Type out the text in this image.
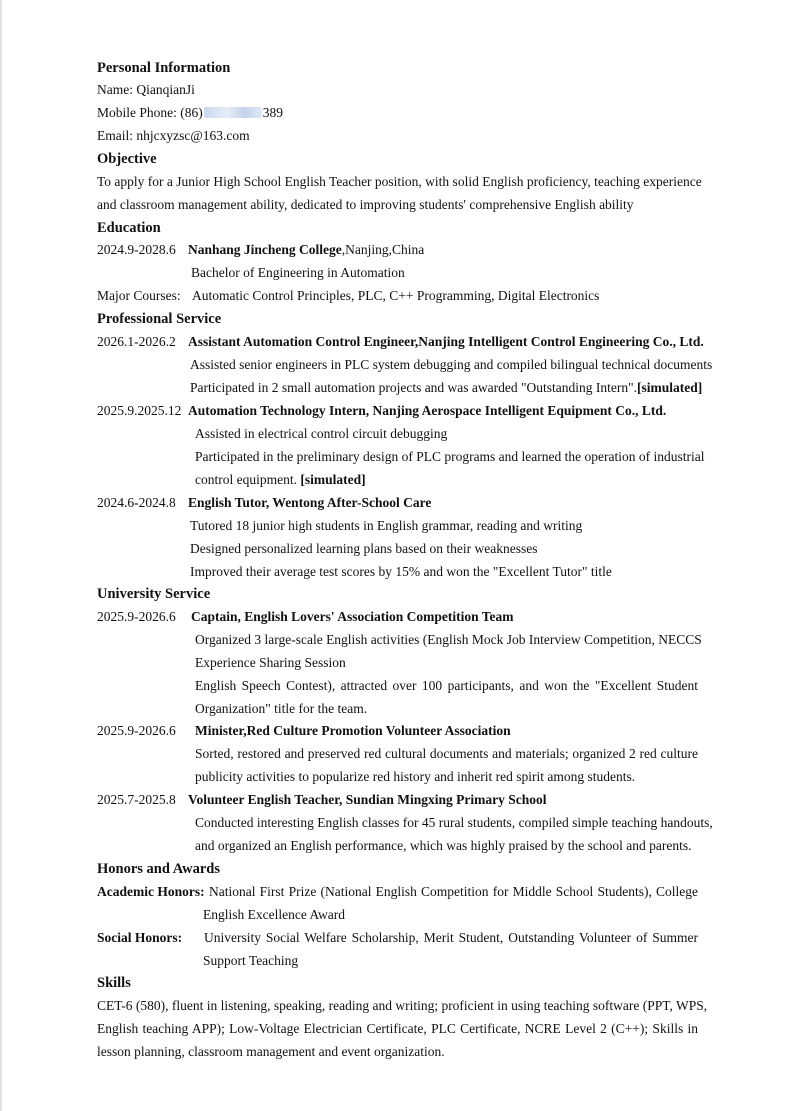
Personal Information
Name: QianqianJi
Mobile Phone: (86)	389
Email: nhjcxyzsc@163.com
Objective
To apply for a Junior High School English Teacher position, with solid English proficiency, teaching experience
and classroom management ability, dedicated to improving students' comprehensive English ability
Education
2024.9-2028.6 Nanhang Jincheng College,Nanjing,China
Bachelor of Engineering in Automation
Major Courses: Automatic Control Principles, PLC, C++ Programming, Digital Electronics
Professional Service
2026.1-2026.2 Assistant Automation Control Engineer,Nanjing Intelligent Control Engineering Co., Ltd.
Assisted senior engineers in PLC system debugging and compiled bilingual technical documents
Participated in 2 small automation projects and was awarded "Outstanding Intern".[simulated]
2025.9.2025.12 Automation Technology Intern, Nanjing Aerospace Intelligent Equipment Co., Ltd.
Assisted in electrical control circuit debugging
Participated in the preliminary design of PLC programs and learned the operation of industrial
control equipment. [simulated]
2024.6-2024.8 English Tutor, Wentong After-School Care
Tutored 18 junior high students in English grammar, reading and writing
Designed personalized learning plans based on their weaknesses
Improved their average test scores by 15% and won the "Excellent Tutor" title
University Service
2025.9-2026.6 Captain, English Lovers' Association Competition Team
Organized 3 large-scale English activities (English Mock Job Interview Competition, NECCS
Experience Sharing Session
English Speech Contest), attracted over 100 participants, and won the "Excellent Student
Organization" title for the team.
2025.9-2026.6 Minister,Red Culture Promotion Volunteer Association
Sorted, restored and preserved red cultural documents and materials; organized 2 red culture
publicity activities to popularize red history and inherit red spirit among students.
2025.7-2025.8 Volunteer English Teacher, Sundian Mingxing Primary School
Conducted interesting English classes for 45 rural students, compiled simple teaching handouts,
and organized an English performance, which was highly praised by the school and parents.
Honors and Awards
Academic Honors: National First Prize (National English Competition for Middle School Students), College
English Excellence Award
Social Honors: University Social Welfare Scholarship, Merit Student, Outstanding Volunteer of Summer
Support Teaching
Skills
CET-6 (580), fluent in listening, speaking, reading and writing; proficient in using teaching software (PPT, WPS,
English teaching APP); Low-Voltage Electrician Certificate, PLC Certificate, NCRE Level 2 (C++); Skills in
lesson planning, classroom management and event organization.
